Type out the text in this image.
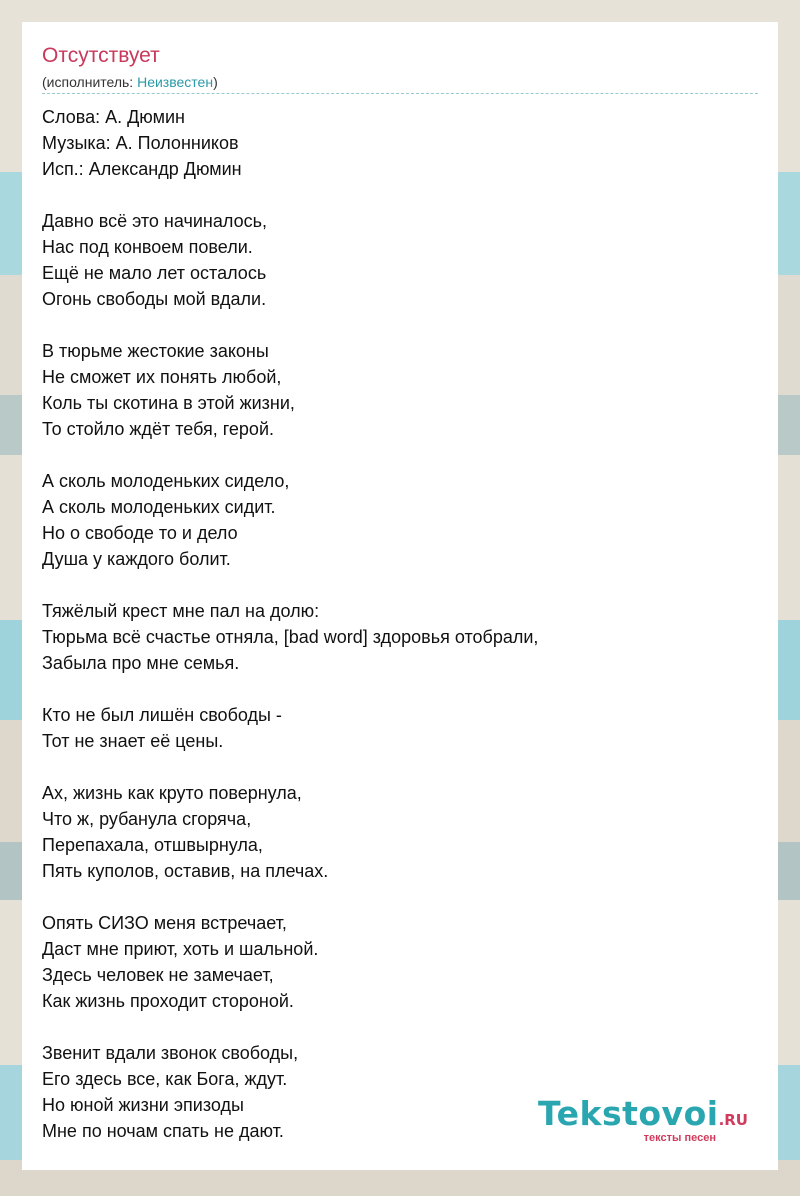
Отсутствует
(исполнитель: Неизвестен)
Слова: А. Дюмин
Музыка: А. Полонников
Исп.: Александр Дюмин
Давно всё это начиналось,
Нас под конвоем повели.
Ещё не мало лет осталось
Огонь свободы мой вдали.
В тюрьме жестокие законы
Не сможет их понять любой,
Коль ты скотина в этой жизни,
То стойло ждёт тебя, герой.
А сколь молоденьких сидело,
А сколь молоденьких сидит.
Но о свободе то и дело
Душа у каждого болит.
Тяжёлый крест мне пал на долю:
Тюрьма всё счастье отняла, [bad word] здоровья отобрали,
Забыла про мне семья.
Кто не был лишён свободы -
Тот не знает её цены.
Ах, жизнь как круто повернула,
Что ж, рубанула сгоряча,
Перепахала, отшвырнула,
Пять куполов, оставив, на плечах.
Опять СИЗО меня встречает,
Даст мне приют, хоть и шальной.
Здесь человек не замечает,
Как жизнь проходит стороной.
Звенит вдали звонок свободы,
Его здесь все, как Бога, ждут.
Но юной жизни эпизоды
Мне по ночам спать не дают.	Tekstovoi.RU
тексты песен
